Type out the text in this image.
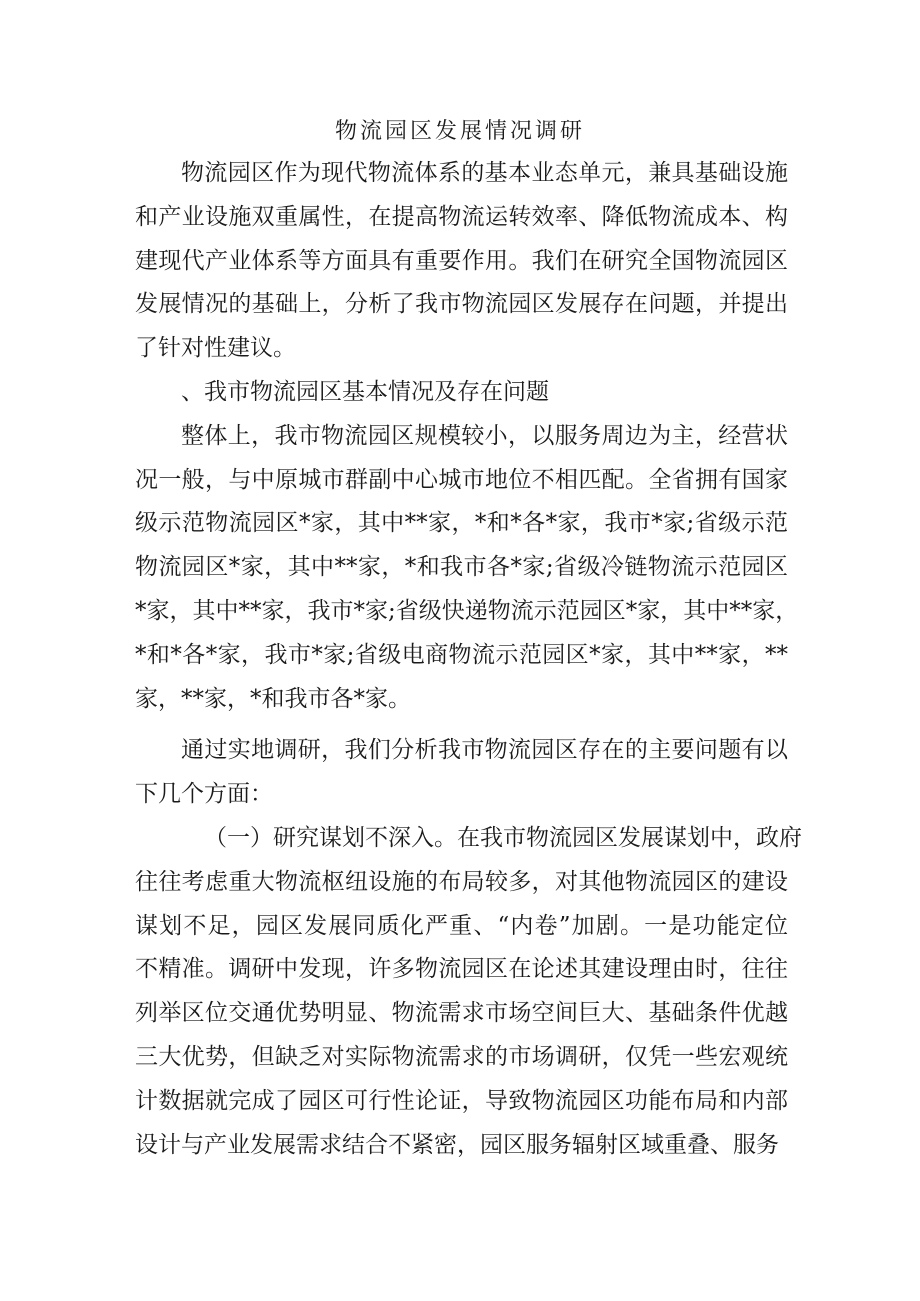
物流园区发展情况调研
物流园区作为现代物流体系的基本业态单元，兼具基础设施
和产业设施双重属性，在提高物流运转效率、降低物流成本、构
建现代产业体系等方面具有重要作用。我们在研究全国物流园区
发展情况的基础上，分析了我市物流园区发展存在问题，并提出
了针对性建议。
、我市物流园区基本情况及存在问题
整体上，我市物流园区规模较小，以服务周边为主，经营状
况一般，与中原城市群副中心城市地位不相匹配。全省拥有国家
级示范物流园区*家，其中**家，*和*各*家，我市*家;省级示范
物流园区*家，其中**家，*和我市各*家;省级冷链物流示范园区
*家，其中**家，我市*家;省级快递物流示范园区*家，其中**家，
*和*各*家，我市*家;省级电商物流示范园区*家，其中**家，**
家，**家，*和我市各*家。
通过实地调研，我们分析我市物流园区存在的主要问题有以
下几个方面：
（一）研究谋划不深入。在我市物流园区发展谋划中，政府
往往考虑重大物流枢纽设施的布局较多，对其他物流园区的建设
谋划不足，园区发展同质化严重、“内卷”加剧。一是功能定位
不精准。调研中发现，许多物流园区在论述其建设理由时，往往
列举区位交通优势明显、物流需求市场空间巨大、基础条件优越
三大优势，但缺乏对实际物流需求的市场调研，仅凭一些宏观统
计数据就完成了园区可行性论证，导致物流园区功能布局和内部
设计与产业发展需求结合不紧密，园区服务辐射区域重叠、服务
